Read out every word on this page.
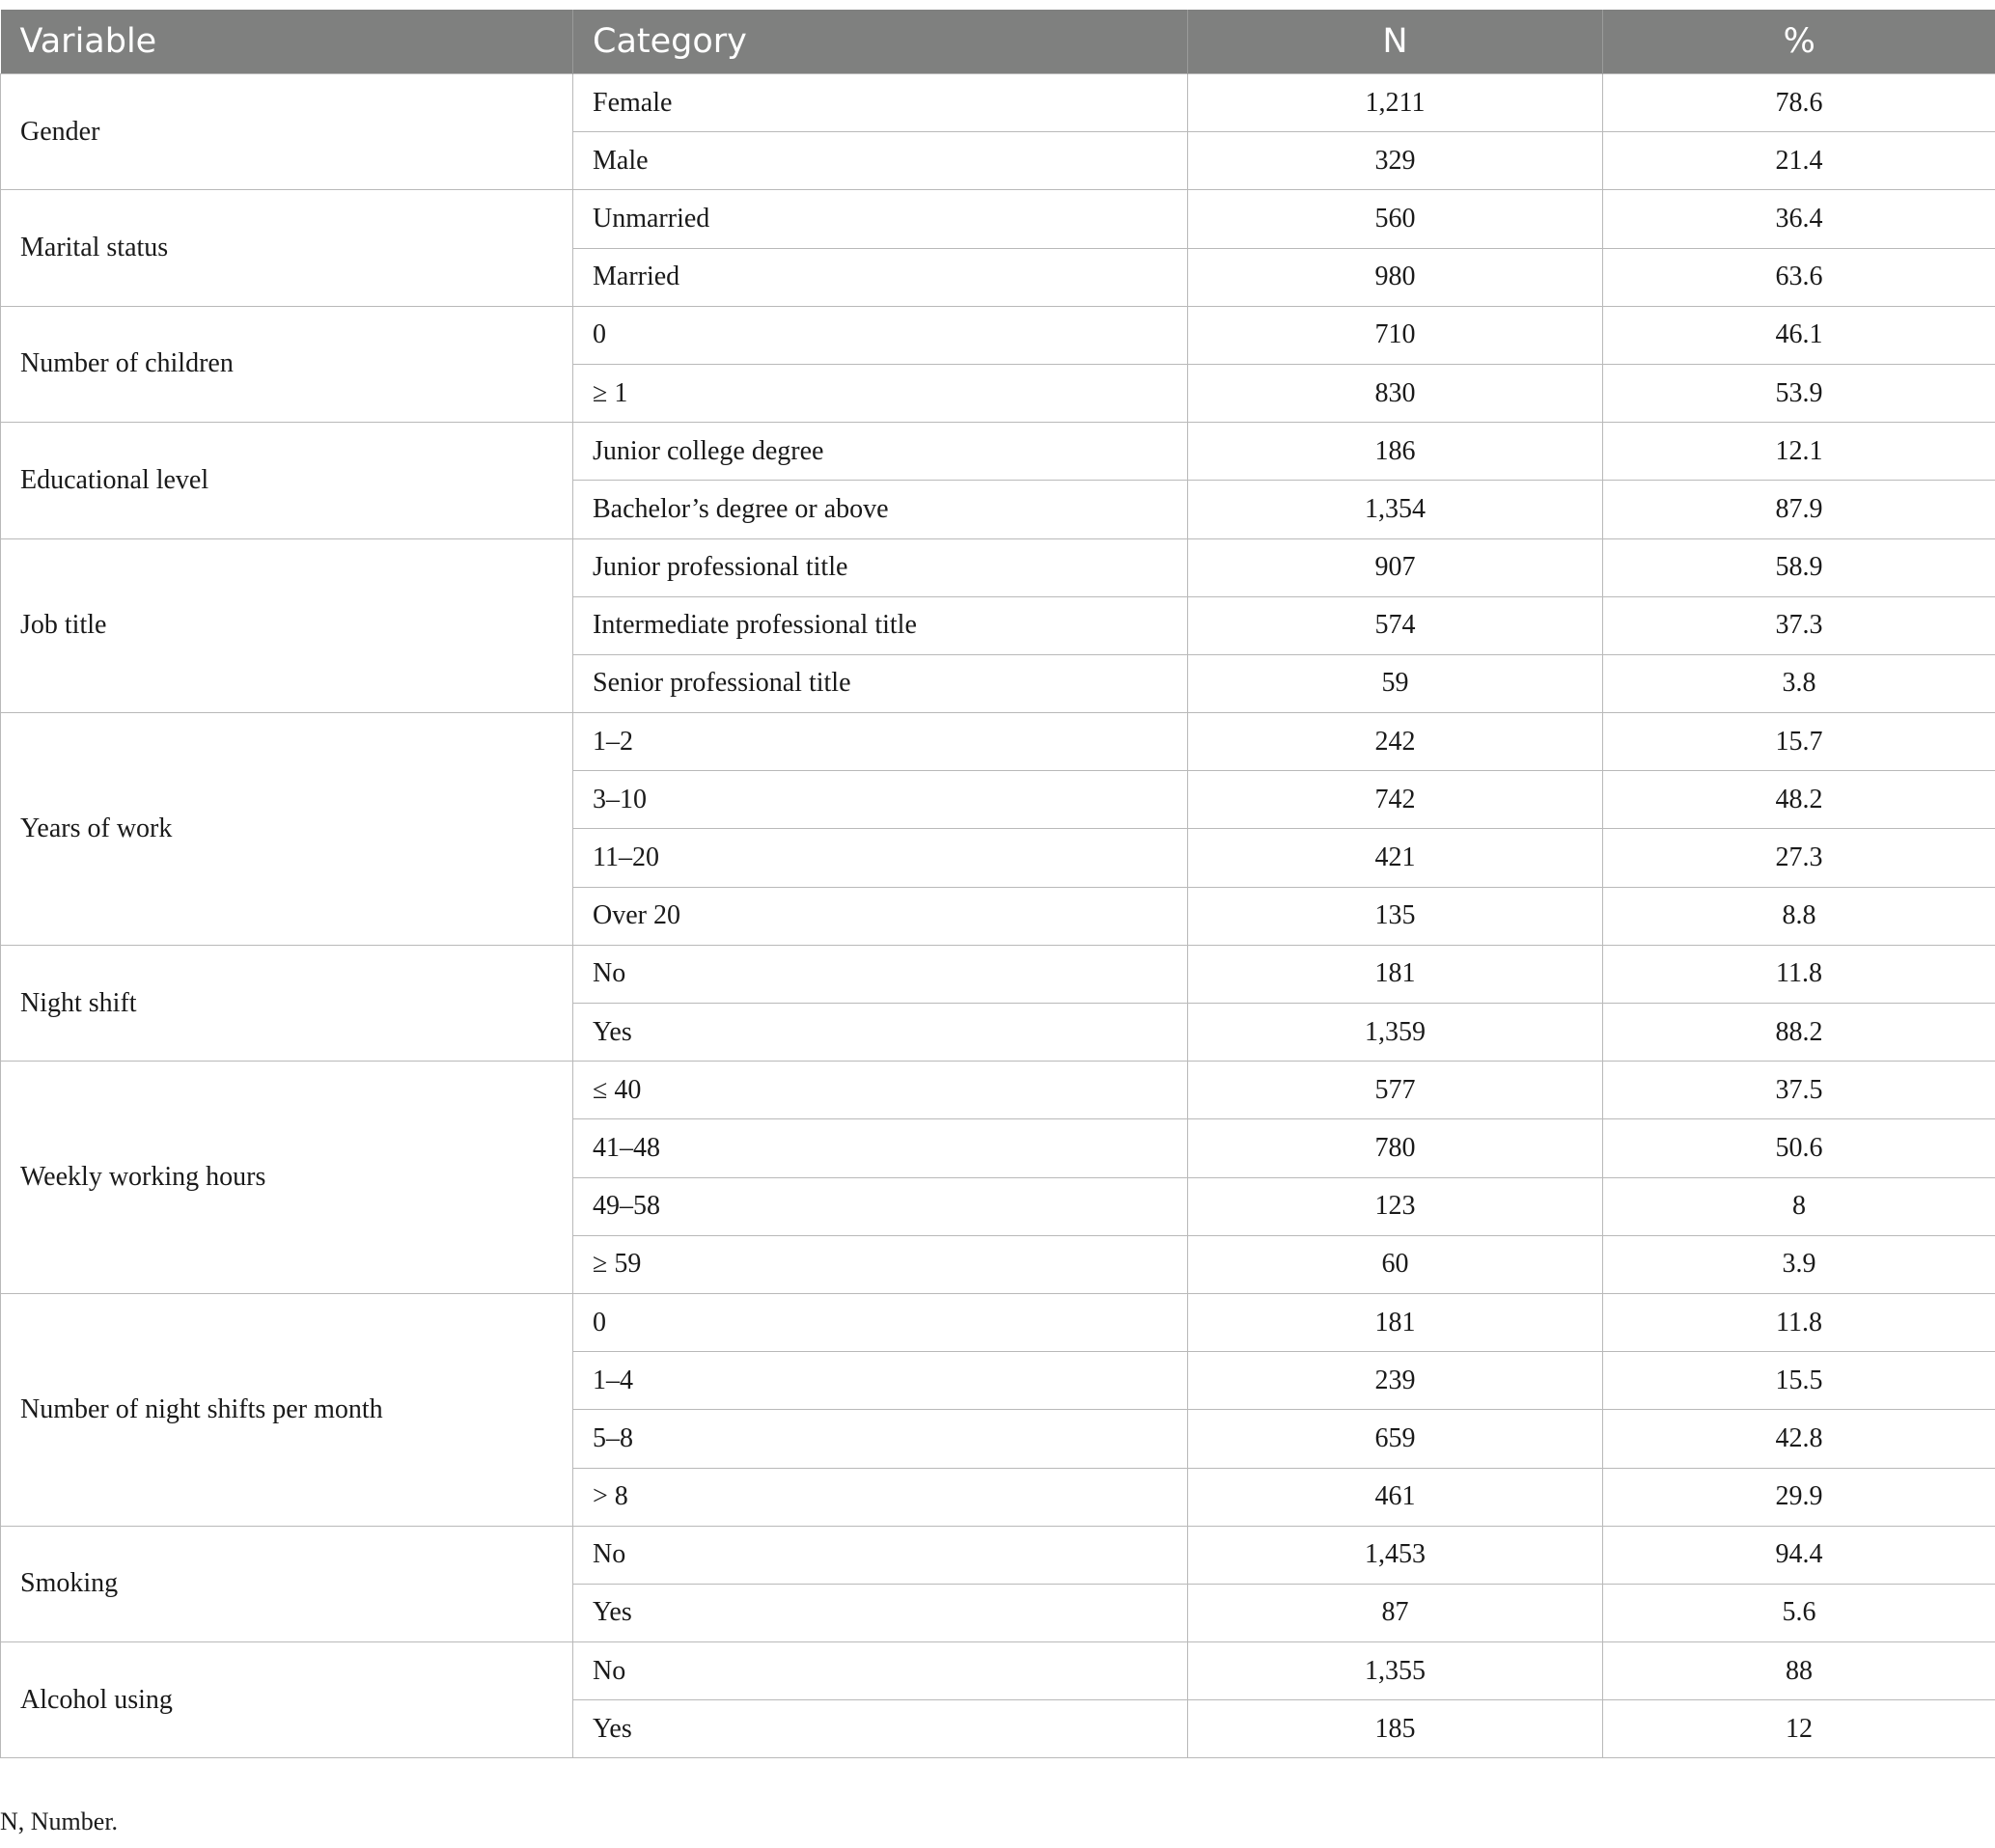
Variable	Category	N	%
Gender	Female	1,211	78.6
	Male	329	21.4
Marital status	Unmarried	560	36.4
	Married	980	63.6
Number of children	0	710	46.1
	≥ 1	830	53.9
Educational level	Junior college degree	186	12.1
	Bachelor’s degree or above	1,354	87.9
Job title	Junior professional title	907	58.9
	Intermediate professional title	574	37.3
	Senior professional title	59	3.8
Years of work	1–2	242	15.7
	3–10	742	48.2
	11–20	421	27.3
	Over 20	135	8.8
Night shift	No	181	11.8
	Yes	1,359	88.2
Weekly working hours	≤ 40	577	37.5
	41–48	780	50.6
	49–58	123	8
	≥ 59	60	3.9
Number of night shifts per month	0	181	11.8
	1–4	239	15.5
	5–8	659	42.8
	> 8	461	29.9
Smoking	No	1,453	94.4
	Yes	87	5.6
Alcohol using	No	1,355	88
	Yes	185	12
N, Number.
